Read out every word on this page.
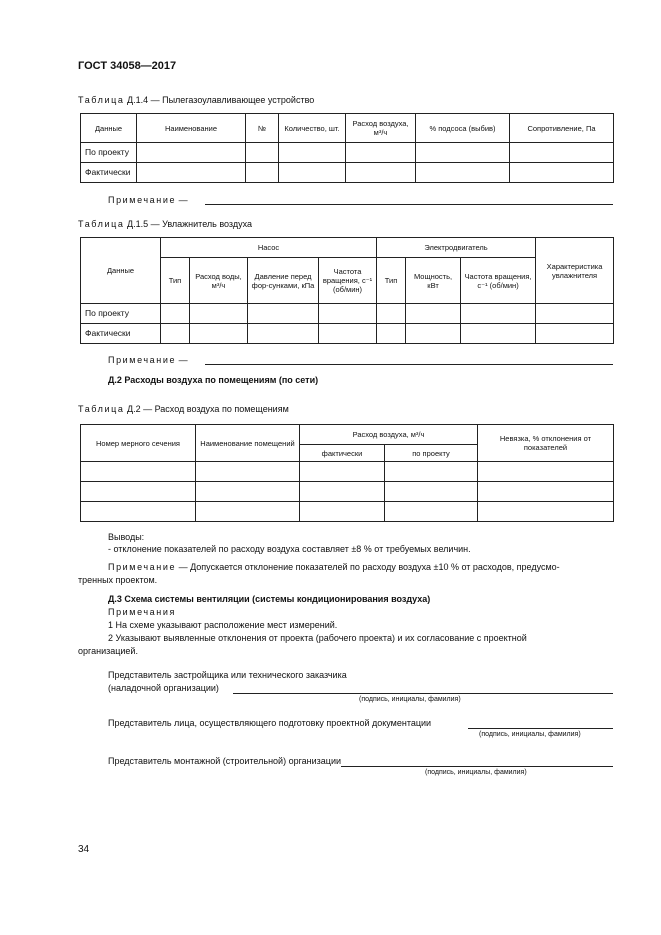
ГОСТ 34058—2017
Таблица Д.1.4 — Пылегазоулавливающее устройство
Данные	Наименование	№	Количество, шт.	Расход воздуха, м³/ч	% подсоса (выбив)	Сопротивление, Па
По проекту						
Фактически						
Примечание —
Таблица Д.1.5 — Увлажнитель воздуха
Данные	Насос				Электродвигатель			Характеристика увлажнителя
	Тип	Расход воды, м³/ч	Давление перед фор-сунками, кПа	Частота вращения, с⁻¹ (об/мин)	Тип	Мощность, кВт	Частота вращения, с⁻¹ (об/мин)	
По проекту								
Фактически								
Примечание —
Д.2 Расходы воздуха по помещениям (по сети)
Таблица Д.2 — Расход воздуха по помещениям
Номер мерного сечения	Наименование помещений	Расход воздуха, м³/ч		Невязка, % отклонения от показателей
		фактически	по проекту	

Выводы:
- отклонение показателей по расходу воздуха составляет ±8 % от требуемых величин.
Примечание — Допускается отклонение показателей по расходу воздуха ±10 % от расходов, предусмо-
тренных проектом.
Д.3 Схема системы вентиляции (системы кондиционирования воздуха)
Примечания
1 На схеме указывают расположение мест измерений.
2 Указывают выявленные отклонения от проекта (рабочего проекта) и их согласование с проектной
организацией.
Представитель застройщика или технического заказчика
(наладочной организации)
(подпись, инициалы, фамилия)
Представитель лица, осуществляющего подготовку проектной документации
(подпись, инициалы, фамилия)
Представитель монтажной (строительной) организации
(подпись, инициалы, фамилия)
34
